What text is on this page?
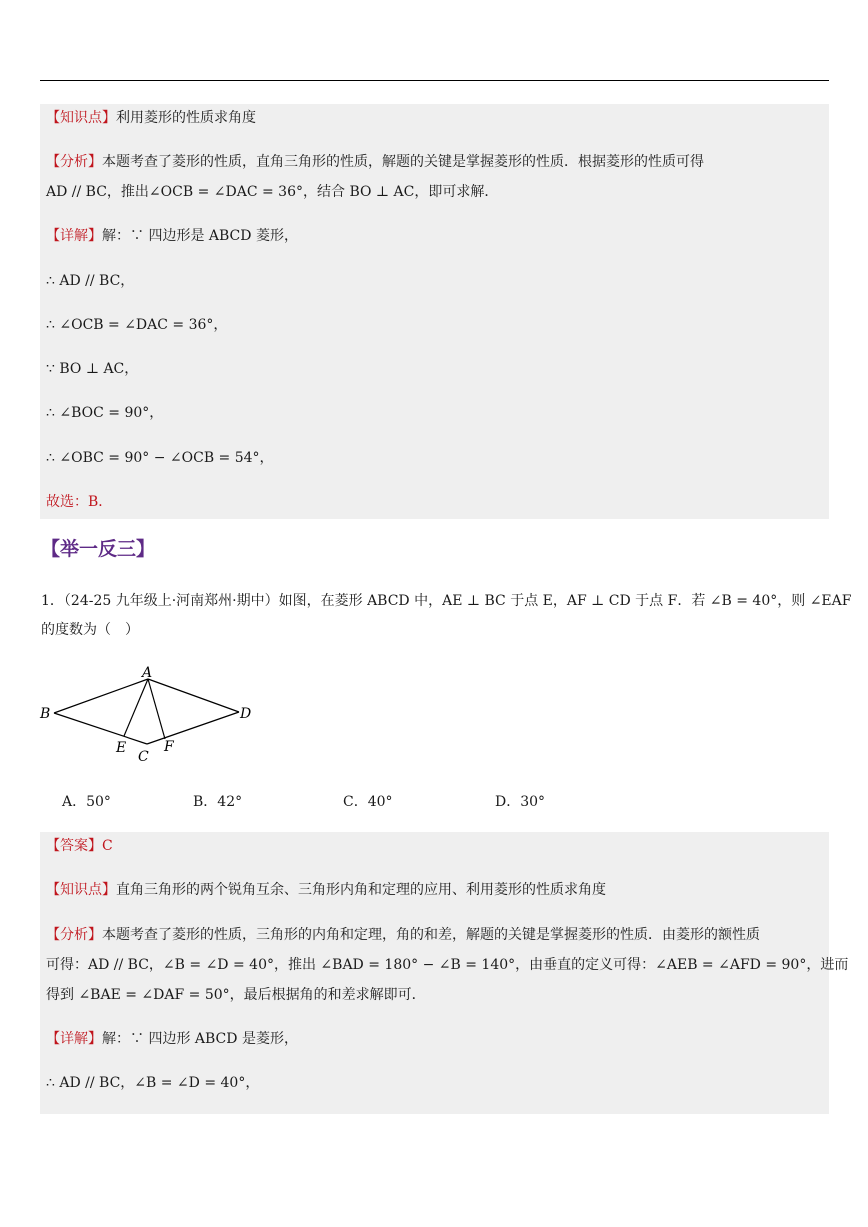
【知识点】利用菱形的性质求角度
【分析】本题考查了菱形的性质，直角三角形的性质，解题的关键是掌握菱形的性质．根据菱形的性质可得
AD // BC，推出∠OCB = ∠DAC = 36°，结合 BO ⊥ AC，即可求解．
【详解】解：∵ 四边形是 ABCD 菱形，
∴ AD // BC，
∴ ∠OCB = ∠DAC = 36°，
∵ BO ⊥ AC，
∴ ∠BOC = 90°，
∴ ∠OBC = 90° − ∠OCB = 54°，
故选：B．
【举一反三】
1．（24-25 九年级上·河南郑州·期中）如图，在菱形 ABCD 中，AE ⊥ BC 于点 E，AF ⊥ CD 于点 F．若 ∠B = 40°，则 ∠EAF
的度数为（　）
A
B
C
D
E	F
A．50°	B．42°	C．40°	D．30°
【答案】C
【知识点】直角三角形的两个锐角互余、三角形内角和定理的应用、利用菱形的性质求角度
【分析】本题考查了菱形的性质，三角形的内角和定理，角的和差，解题的关键是掌握菱形的性质．由菱形的额性质
可得：AD // BC，∠B = ∠D = 40°，推出 ∠BAD = 180° − ∠B = 140°，由垂直的定义可得：∠AEB = ∠AFD = 90°，进而
得到 ∠BAE = ∠DAF = 50°，最后根据角的和差求解即可．
【详解】解：∵ 四边形 ABCD 是菱形，
∴ AD // BC，∠B = ∠D = 40°，
